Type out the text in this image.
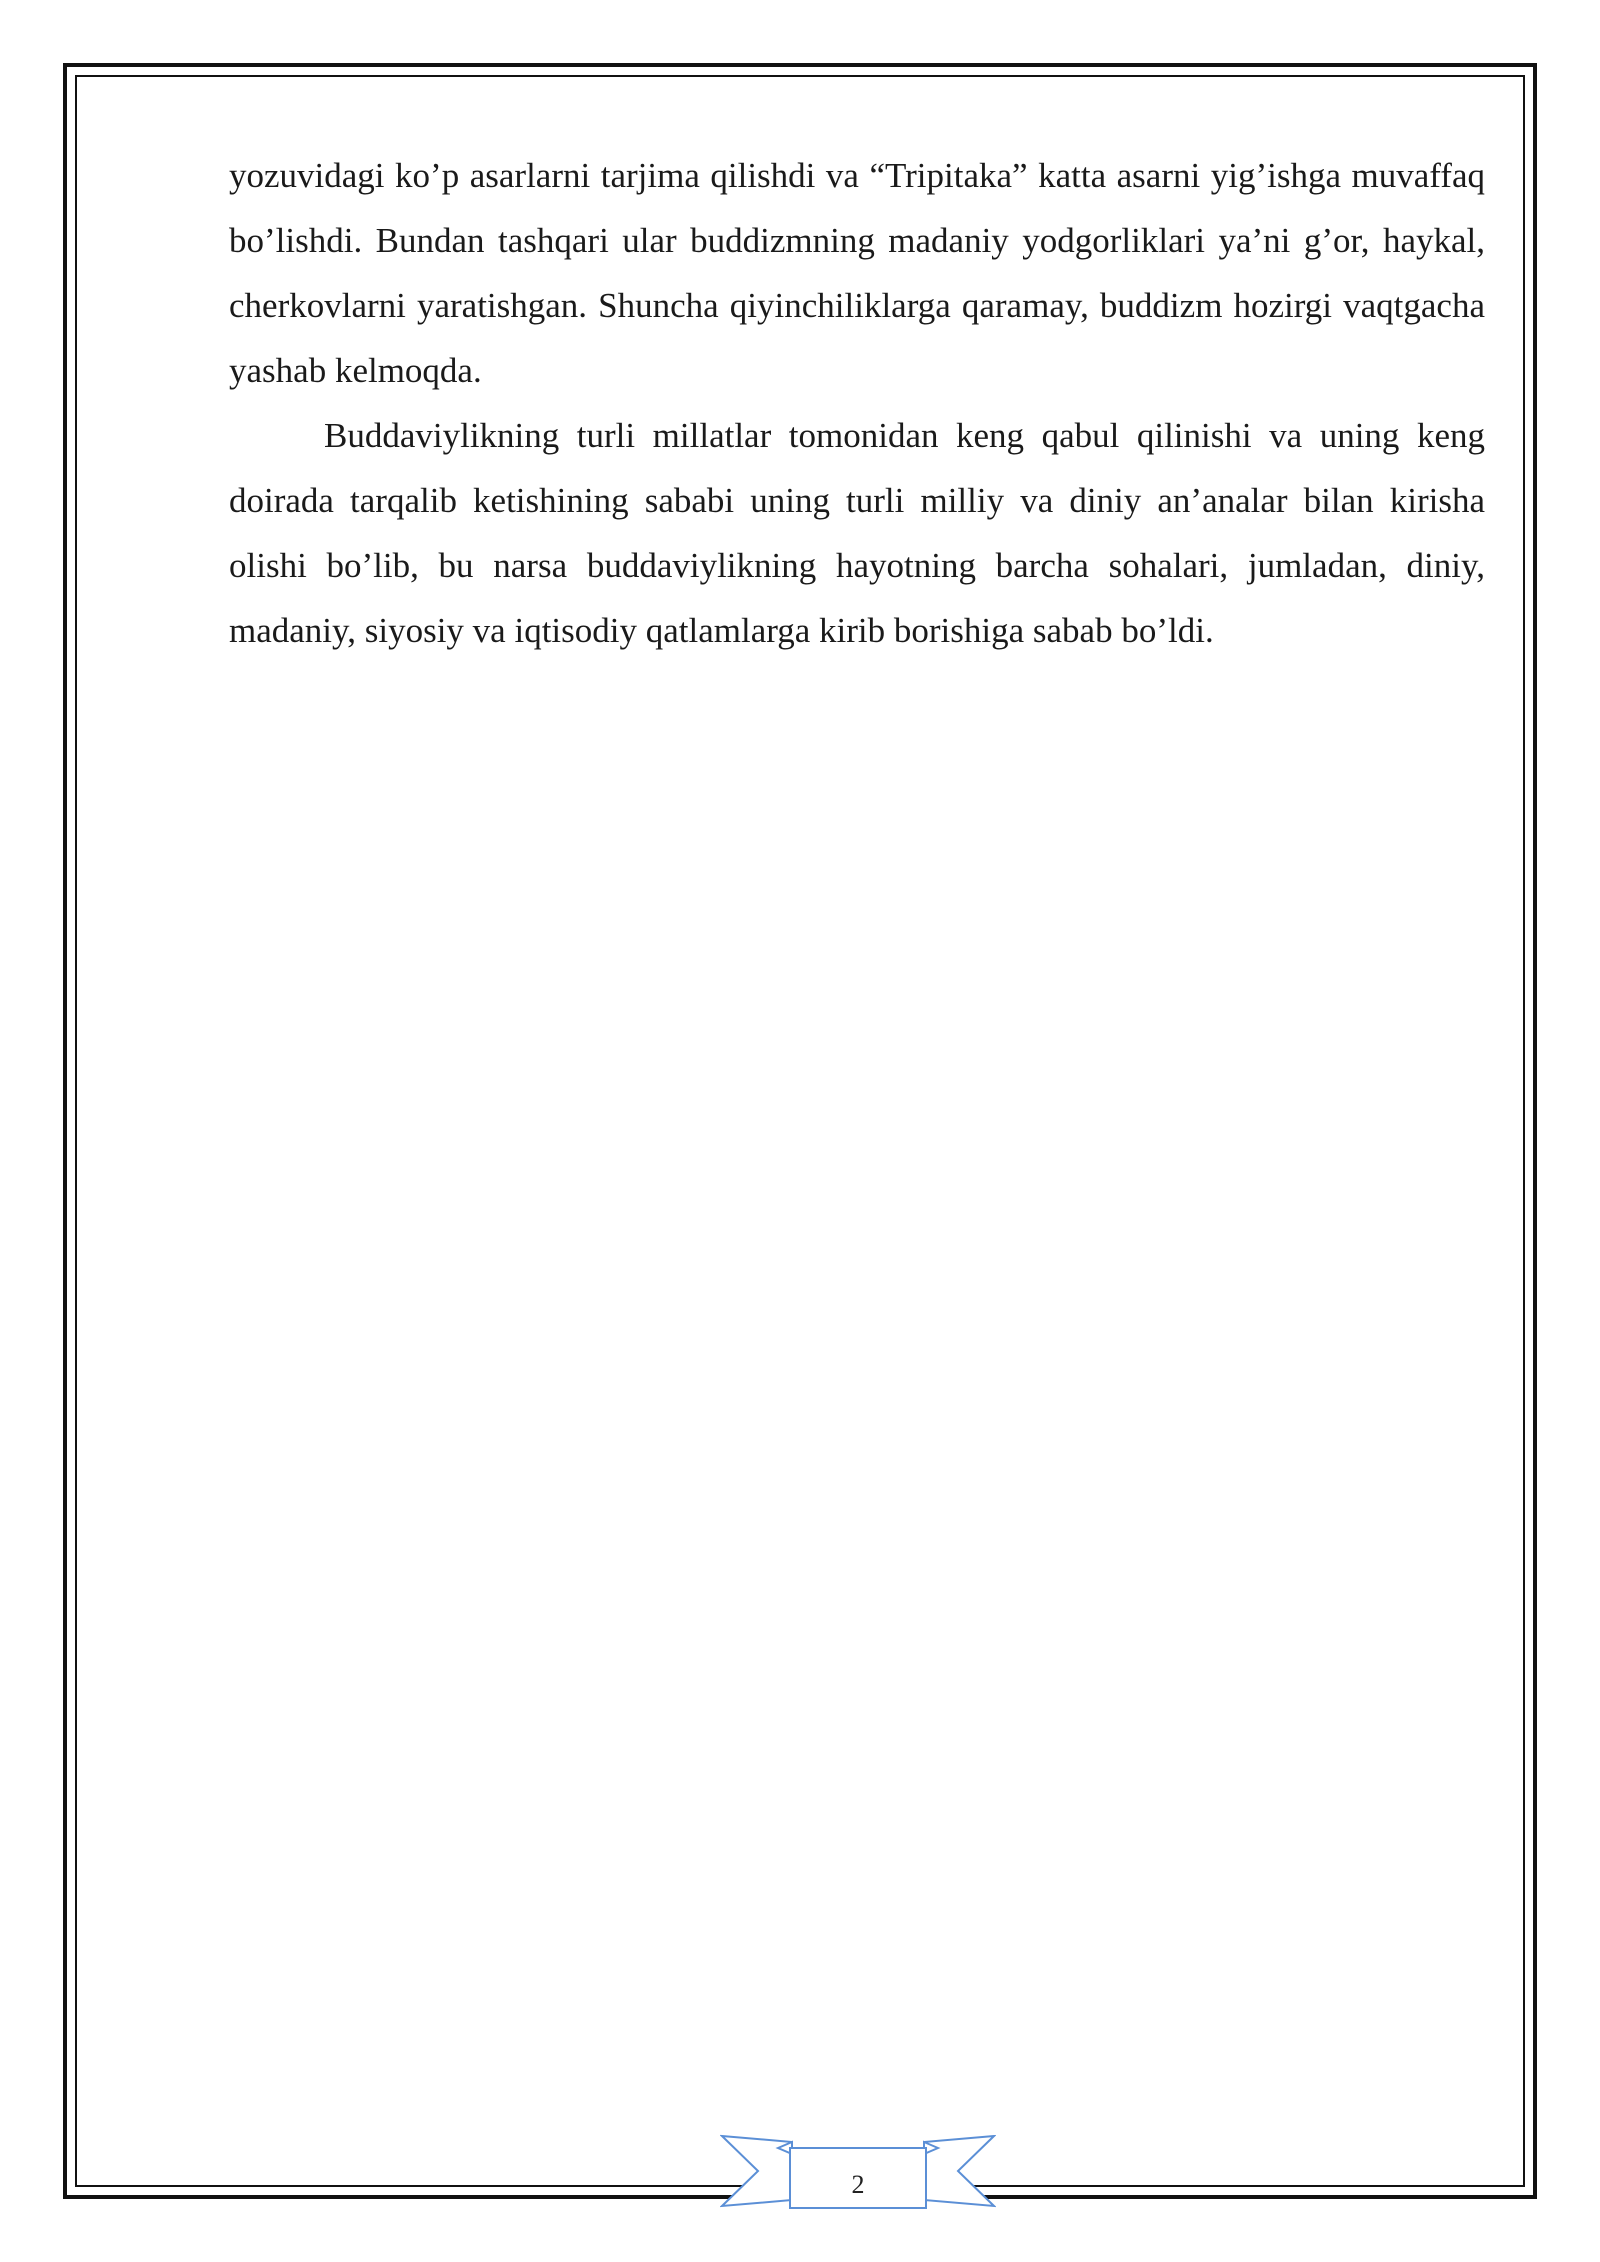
yozuvidagi ko’p asarlarni tarjima qilishdi va “Tripitaka” katta asarni yig’ishga muvaffaq bo’lishdi. Bundan tashqari ular buddizmning madaniy yodgorliklari ya’ni g’or, haykal, cherkovlarni yaratishgan. Shuncha qiyinchiliklarga qaramay, buddizm hozirgi vaqtgacha yashab kelmoqda.

Buddaviylikning turli millatlar tomonidan keng qabul qilinishi va uning keng doirada tarqalib ketishining sababi uning turli milliy va diniy an’analar bilan kirisha olishi bo’lib, bu narsa buddaviylikning hayotning barcha sohalari, jumladan, diniy, madaniy, siyosiy va iqtisodiy qatlamlarga kirib borishiga sabab bo’ldi.

2
